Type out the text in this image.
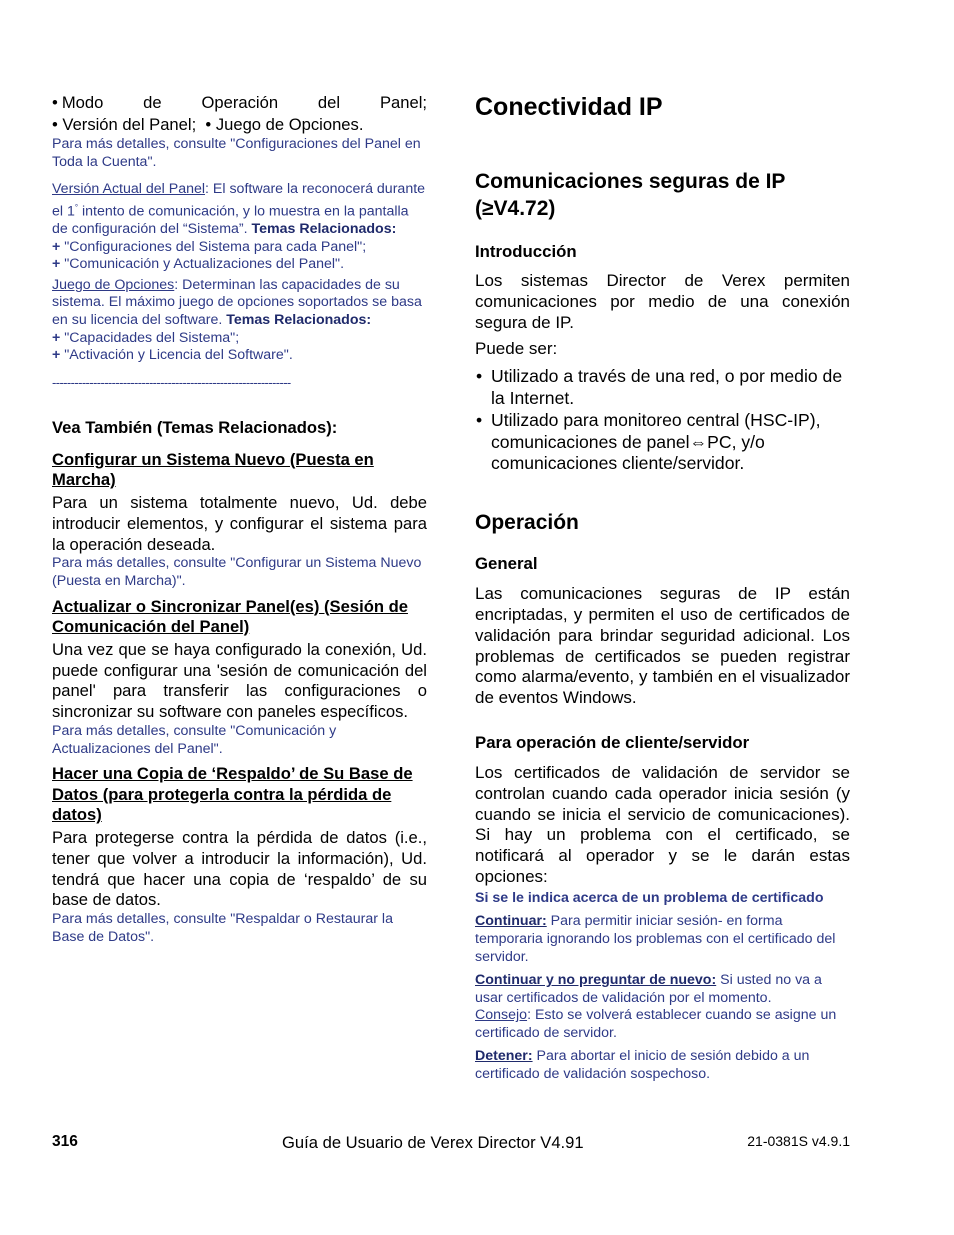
• Modo de Operación del Panel;
• Versión del Panel;  • Juego de Opciones.

Para más detalles, consulte "Configuraciones del Panel en Toda la Cuenta".

Versión Actual del Panel: El software la reconocerá durante el 1° intento de comunicación, y lo muestra en la pantalla de configuración del “Sistema”. Temas Relacionados:

+ "Configuraciones del Sistema para cada Panel";

+ "Comunicación y Actualizaciones del Panel".

Juego de Opciones: Determinan las capacidades de su sistema. El máximo juego de opciones soportados se basa en su licencia del software. Temas Relacionados:

+ "Capacidades del Sistema";

+ "Activación y Licencia del Software".

----------------------------------------------------------------

Vea También (Temas Relacionados):

Configurar un Sistema Nuevo (Puesta en Marcha)

Para un sistema totalmente nuevo, Ud. debe introducir elementos, y configurar el sistema para la operación deseada.

Para más detalles, consulte "Configurar un Sistema Nuevo (Puesta en Marcha)".

Actualizar o Sincronizar Panel(es) (Sesión de Comunicación del Panel)

Una vez que se haya configurado la conexión, Ud. puede configurar una 'sesión de comunicación del panel' para transferir las configuraciones o sincronizar su software con paneles específicos.

Para más detalles, consulte "Comunicación y Actualizaciones del Panel".

Hacer una Copia de ‘Respaldo’ de Su Base de Datos (para protegerla contra la pérdida de datos)

Para protegerse contra la pérdida de datos (i.e., tener que volver a introducir la información), Ud. tendrá que hacer una copia de ‘respaldo’ de su base de datos.

Para más detalles, consulte "Respaldar o Restaurar la Base de Datos".

Conectividad IP

Comunicaciones seguras de IP (≥V4.72)

Introducción

Los sistemas Director de Verex permiten comunicaciones por medio de una conexión segura de IP.

Puede ser:

• Utilizado a través de una red, o por medio de la Internet.
• Utilizado para monitoreo central (HSC-IP), comunicaciones de panel⇔PC, y/o comunicaciones cliente/servidor.

Operación

General

Las comunicaciones seguras de IP están encriptadas, y permiten el uso de certificados de validación para brindar seguridad adicional. Los problemas de certificados se pueden registrar como alarma/evento, y también en el visualizador de eventos Windows.

Para operación de cliente/servidor

Los certificados de validación de servidor se controlan cuando cada operador inicia sesión (y cuando se inicia el servicio de comunicaciones). Si hay un problema con el certificado, se notificará al operador y se le darán estas opciones:

Si se le indica acerca de un problema de certificado

Continuar: Para permitir iniciar sesión- en forma temporaria ignorando los problemas con el certificado del servidor.

Continuar y no preguntar de nuevo: Si usted no va a usar certificados de validación por el momento.

Consejo: Esto se volverá establecer cuando se asigne un certificado de servidor.

Detener: Para abortar el inicio de sesión debido a un certificado de validación sospechoso.

316	Guía de Usuario de Verex Director V4.91	21-0381S v4.9.1
